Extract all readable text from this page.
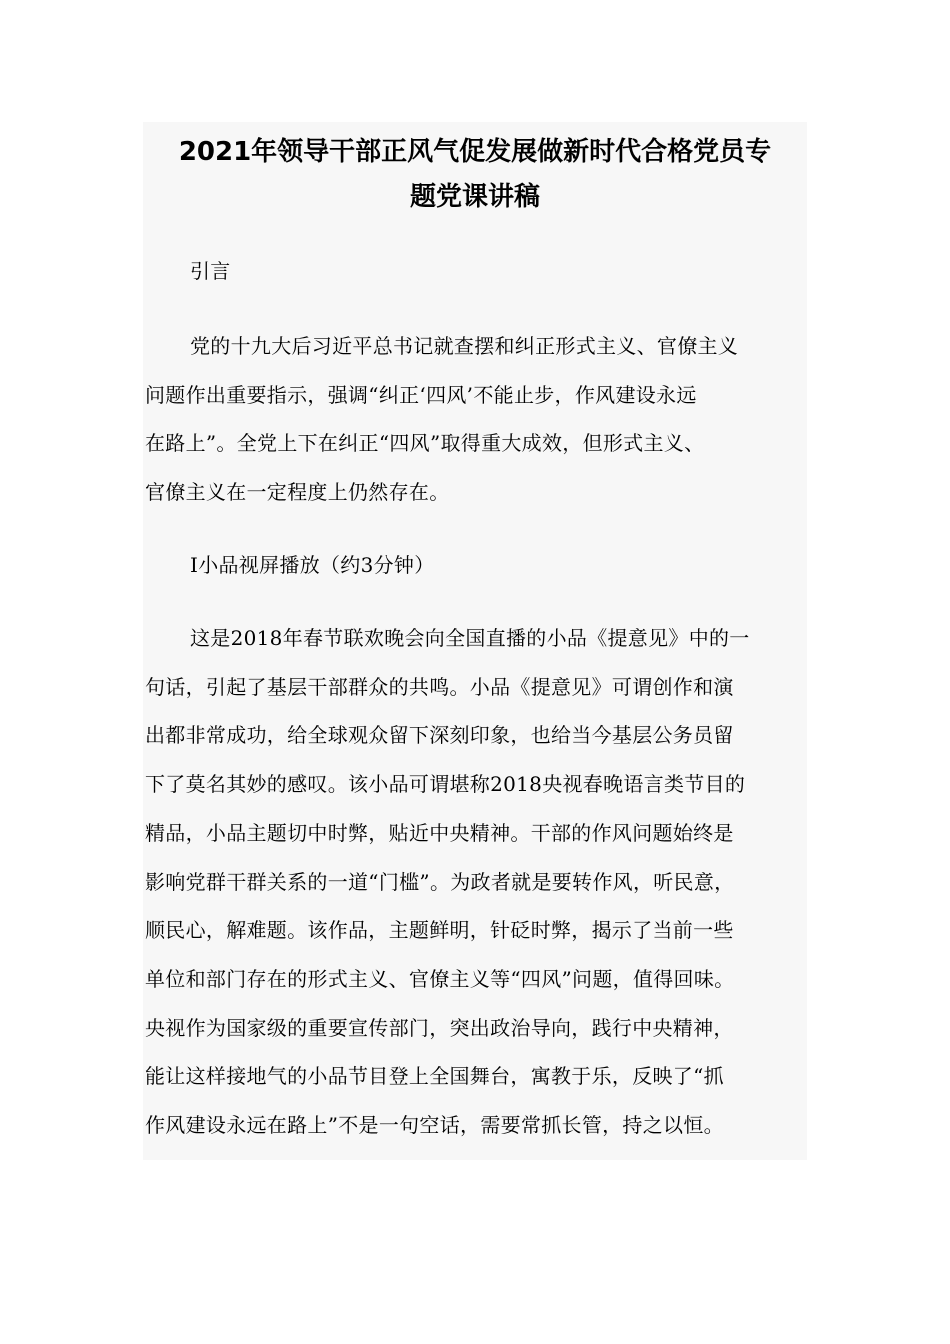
2021年领导干部正风气促发展做新时代合格党员专
题党课讲稿
引言
党的十九大后习近平总书记就查摆和纠正形式主义、官僚主义
问题作出重要指示，强调“纠正‘四风’不能止步，作风建设永远
在路上”。全党上下在纠正“四风”取得重大成效，但形式主义、
官僚主义在一定程度上仍然存在。
I小品视屏播放（约3分钟）
这是2018年春节联欢晚会向全国直播的小品《提意见》中的一
句话，引起了基层干部群众的共鸣。小品《提意见》可谓创作和演
出都非常成功，给全球观众留下深刻印象，也给当今基层公务员留
下了莫名其妙的感叹。该小品可谓堪称2018央视春晚语言类节目的
精品，小品主题切中时弊，贴近中央精神。干部的作风问题始终是
影响党群干群关系的一道“门槛”。为政者就是要转作风，听民意，
顺民心，解难题。该作品，主题鲜明，针砭时弊，揭示了当前一些
单位和部门存在的形式主义、官僚主义等“四风”问题，值得回味。
央视作为国家级的重要宣传部门，突出政治导向，践行中央精神，
能让这样接地气的小品节目登上全国舞台，寓教于乐，反映了“抓
作风建设永远在路上”不是一句空话，需要常抓长管，持之以恒。
